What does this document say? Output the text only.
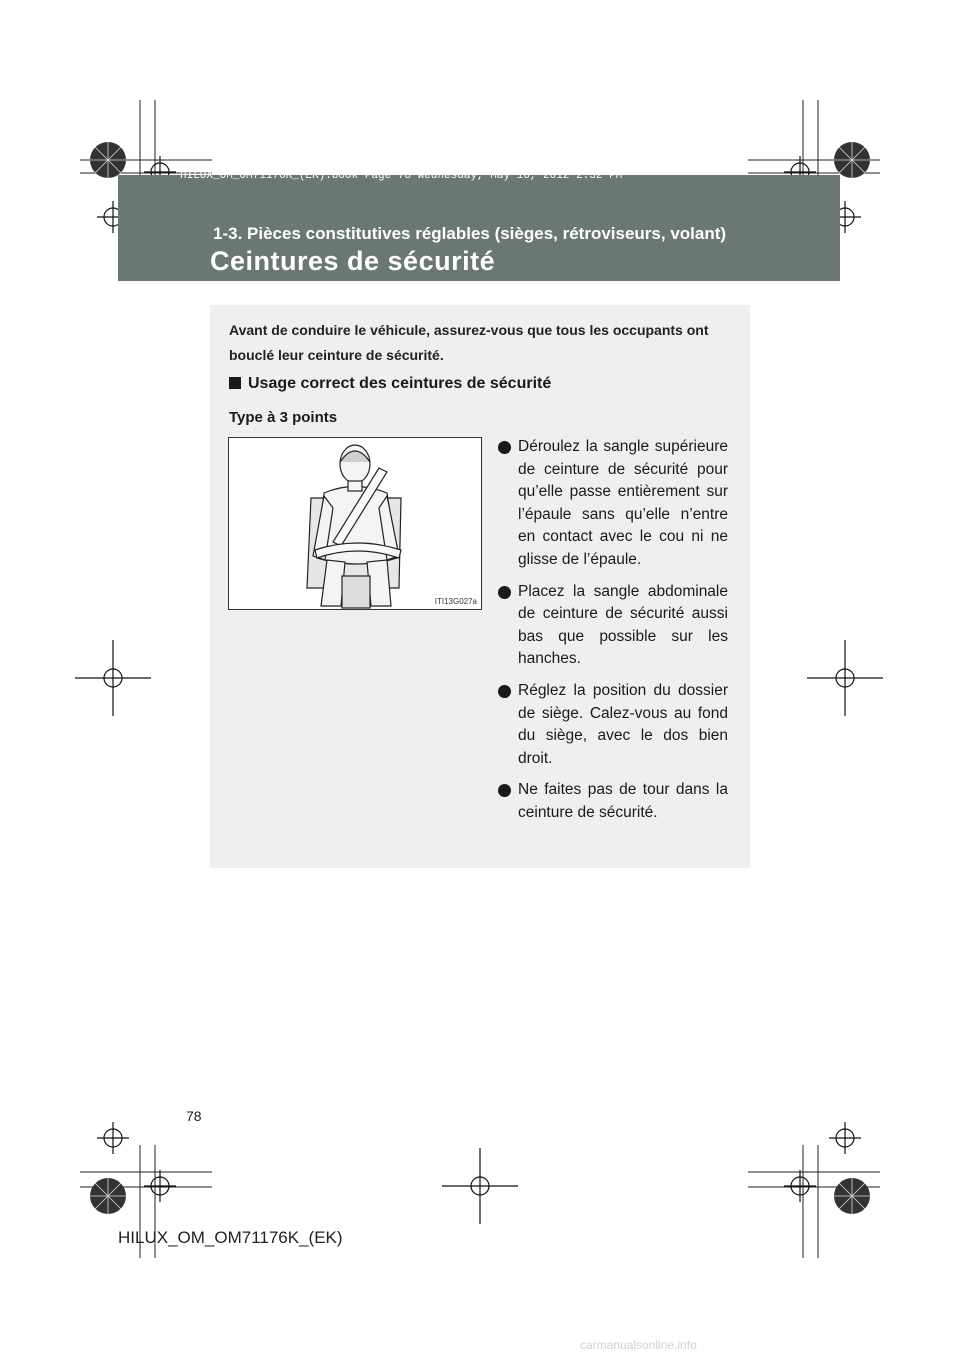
HILUX_OM_OM71176K_(EK).book Page 78 Wednesday, May 16, 2012 2:32 PM
1-3. Pièces constitutives réglables (sièges, rétroviseurs, volant)
Ceintures de sécurité
Avant de conduire le véhicule, assurez-vous que tous les occupants ont bouclé leur ceinture de sécurité.
Usage correct des ceintures de sécurité
Type à 3 points
ITI13G027a
Déroulez la sangle supérieure de ceinture de sécurité pour qu’elle passe entièrement sur l’épaule sans qu’elle n’entre en contact avec le cou ni ne glisse de l’épaule.
Placez la sangle abdominale de ceinture de sécurité aussi bas que possible sur les hanches.
Réglez la position du dossier de siège. Calez-vous au fond du siège, avec le dos bien droit.
Ne faites pas de tour dans la ceinture de sécurité.
78
HILUX_OM_OM71176K_(EK)
carmanualsonline.info
